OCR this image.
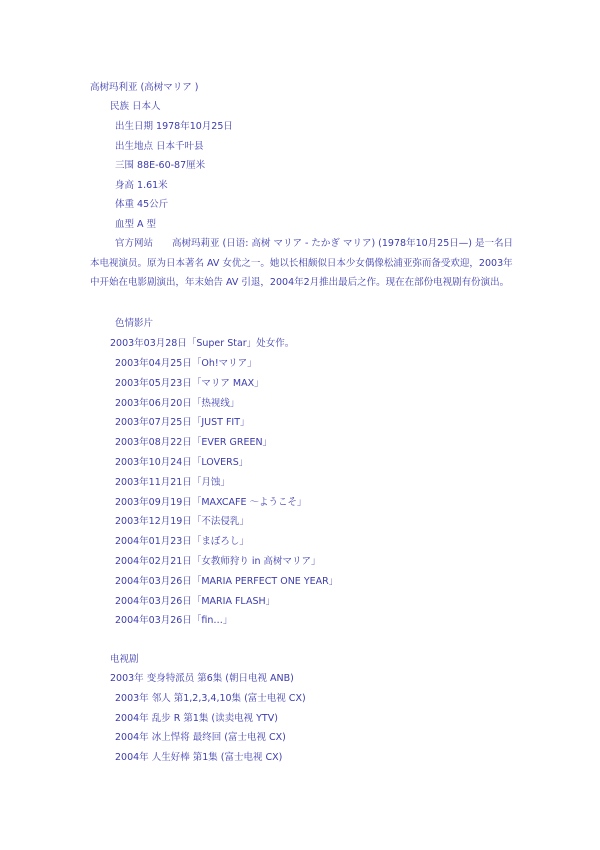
高树玛利亚 (高树マリア )
民族 日本人
出生日期 1978年10月25日
出生地点 日本千叶县
三围 88E-60-87厘米
身高 1.61米
体重 45公斤
血型 A 型
官方网站	高树玛莉亚 (日语: 高树 マリア - たかぎ マリア) (1978年10月25日—) 是一名日本电视演员。原为日本著名 AV 女优之一。她以长相颇似日本少女偶像松浦亚弥而备受欢迎，2003年中开始在电影剧演出，年末始告 AV 引退，2004年2月推出最后之作。现在在部份电视剧有份演出。
色情影片
2003年03月28日「Super Star」处女作。
2003年04月25日「Oh!マリア」
2003年05月23日「マリア MAX」
2003年06月20日「热视线」
2003年07月25日「JUST FIT」
2003年08月22日「EVER GREEN」
2003年10月24日「LOVERS」
2003年11月21日「月蚀」
2003年09月19日「MAXCAFE 〜ようこそ」
2003年12月19日「不法侵乳」
2004年01月23日「まぼろし」
2004年02月21日「女教师狩り in 高树マリア」
2004年03月26日「MARIA PERFECT ONE YEAR」
2004年03月26日「MARIA FLASH」
2004年03月26日「fin…」
电视剧
2003年 变身特派员 第6集 (朝日电视 ANB)
2003年 邻人 第1,2,3,4,10集 (富士电视 CX)
2004年 乱步 R 第1集 (读卖电视 YTV)
2004年 冰上悍将 最终回 (富士电视 CX)
2004年 人生好棒 第1集 (富士电视 CX)
